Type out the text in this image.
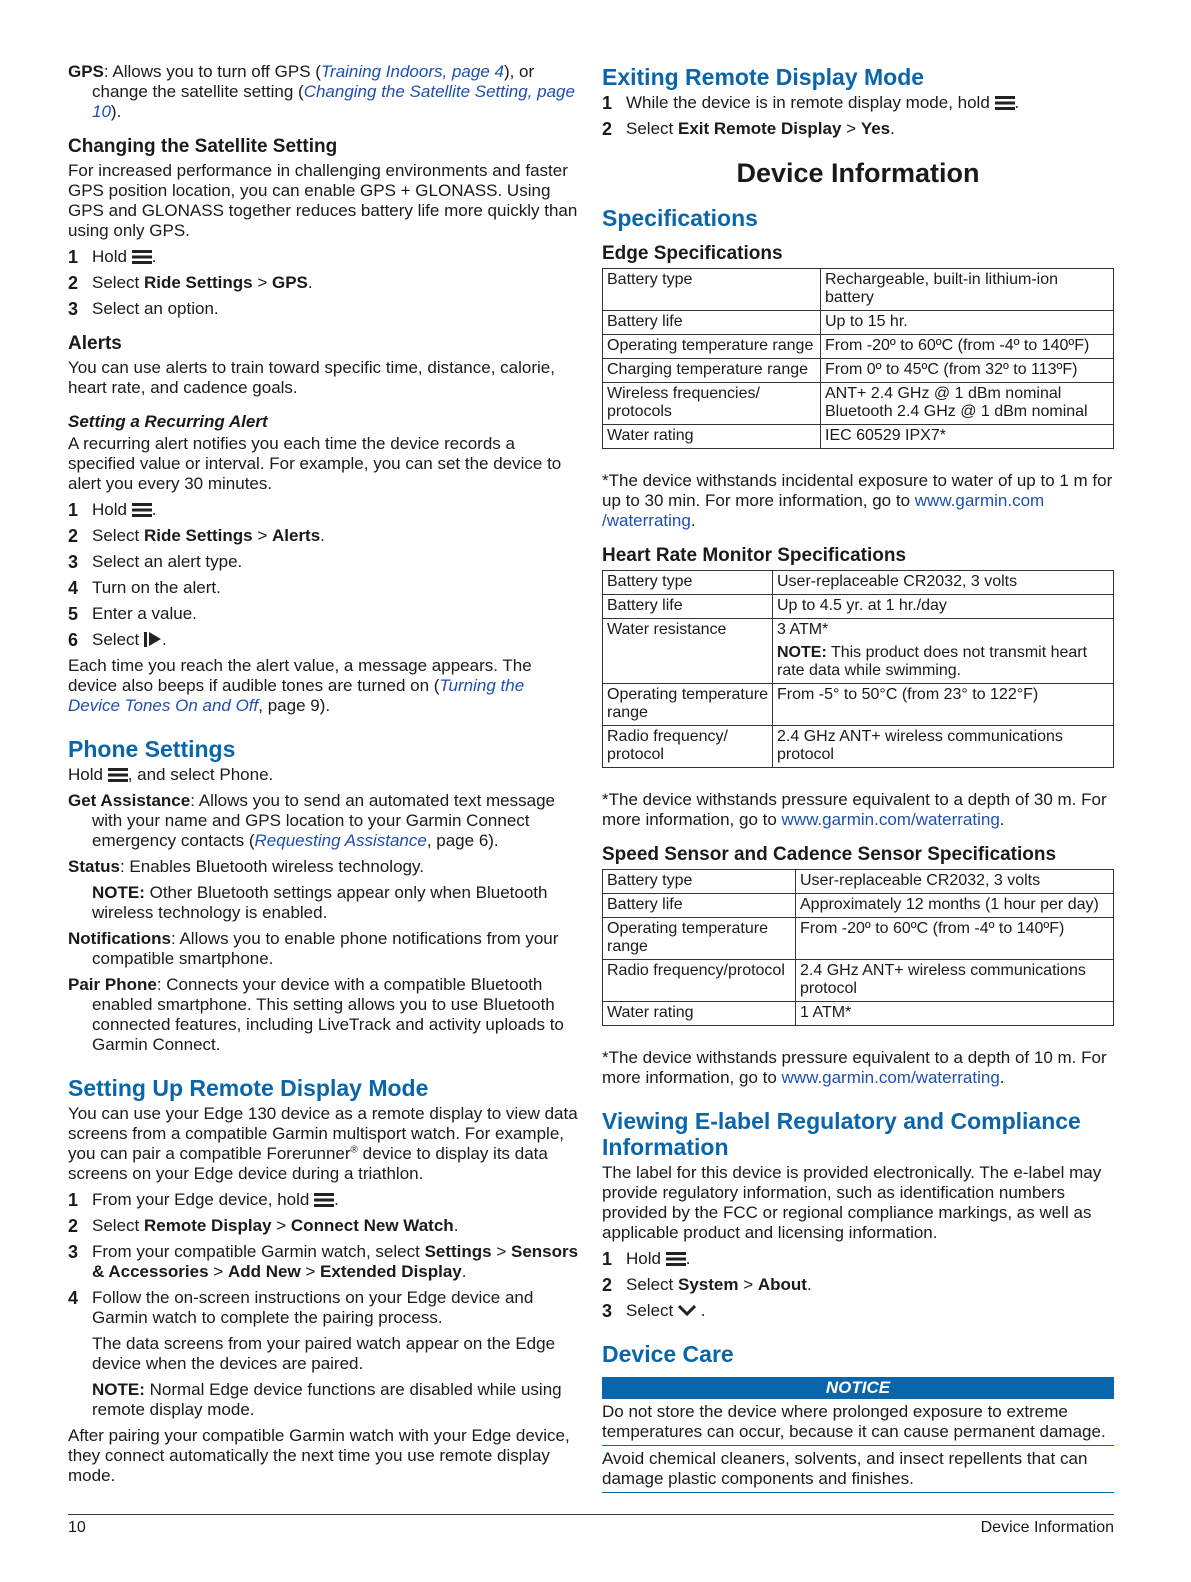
GPS: Allows you to turn off GPS (Training Indoors, page 4), or change the satellite setting (Changing the Satellite Setting, page 10).

Changing the Satellite Setting

For increased performance in challenging environments and faster GPS position location, you can enable GPS + GLONASS. Using GPS and GLONASS together reduces battery life more quickly than using only GPS.

1 Hold .
2 Select Ride Settings > GPS.
3 Select an option.
Alerts

You can use alerts to train toward specific time, distance, calorie, heart rate, and cadence goals.

Setting a Recurring Alert

A recurring alert notifies you each time the device records a specified value or interval. For example, you can set the device to alert you every 30 minutes.

1 Hold .
2 Select Ride Settings > Alerts.
3 Select an alert type.
4 Turn on the alert.
5 Enter a value.
6 Select .

Each time you reach the alert value, a message appears. The device also beeps if audible tones are turned on (Turning the Device Tones On and Off, page 9).

Phone Settings

Hold , and select Phone.

Get Assistance: Allows you to send an automated text message with your name and GPS location to your Garmin Connect emergency contacts (Requesting Assistance, page 6).

Status: Enables Bluetooth wireless technology.

NOTE: Other Bluetooth settings appear only when Bluetooth wireless technology is enabled.

Notifications: Allows you to enable phone notifications from your compatible smartphone.

Pair Phone: Connects your device with a compatible Bluetooth enabled smartphone. This setting allows you to use Bluetooth connected features, including LiveTrack and activity uploads to Garmin Connect.

Setting Up Remote Display Mode

You can use your Edge 130 device as a remote display to view data screens from a compatible Garmin multisport watch. For example, you can pair a compatible Forerunner® device to display its data screens on your Edge device during a triathlon.

1 From your Edge device, hold .
2 Select Remote Display > Connect New Watch.
3 From your compatible Garmin watch, select Settings > Sensors & Accessories > Add New > Extended Display.
4 Follow the on-screen instructions on your Edge device and Garmin watch to complete the pairing process.

The data screens from your paired watch appear on the Edge device when the devices are paired.

NOTE: Normal Edge device functions are disabled while using remote display mode.

After pairing your compatible Garmin watch with your Edge device, they connect automatically the next time you use remote display mode.

Exiting Remote Display Mode
1 While the device is in remote display mode, hold .
2 Select Exit Remote Display > Yes.
Device Information
Specifications
Edge Specifications
Battery type	Rechargeable, built-in lithium-ion battery
Battery life	Up to 15 hr.
Operating temperature range	From -20º to 60ºC (from -4º to 140ºF)
Charging temperature range	From 0º to 45ºC (from 32º to 113ºF)
Wireless frequencies/ protocols	ANT+ 2.4 GHz @ 1 dBm nominal
Bluetooth 2.4 GHz @ 1 dBm nominal
Water rating	IEC 60529 IPX7*

*The device withstands incidental exposure to water of up to 1 m for up to 30 min. For more information, go to www.garmin.com /waterrating.

Heart Rate Monitor Specifications
Battery type	User-replaceable CR2032, 3 volts
Battery life	Up to 4.5 yr. at 1 hr./day
Water resistance	3 ATM*
NOTE: This product does not transmit heart rate data while swimming.

Operating temperature range	From -5° to 50°C (from 23° to 122°F)
Radio frequency/ protocol	2.4 GHz ANT+ wireless communications protocol

*The device withstands pressure equivalent to a depth of 30 m. For more information, go to www.garmin.com/waterrating.

Speed Sensor and Cadence Sensor Specifications
Battery type	User-replaceable CR2032, 3 volts
Battery life	Approximately 12 months (1 hour per day)
Operating temperature range	From -20º to 60ºC (from -4º to 140ºF)
Radio frequency/protocol	2.4 GHz ANT+ wireless communications protocol
Water rating	1 ATM*

*The device withstands pressure equivalent to a depth of 10 m. For more information, go to www.garmin.com/waterrating.

Viewing E-label Regulatory and Compliance Information

The label for this device is provided electronically. The e-label may provide regulatory information, such as identification numbers provided by the FCC or regional compliance markings, as well as applicable product and licensing information.

1 Hold .
2 Select System > About.
3 Select  .
Device Care
NOTICE

Do not store the device where prolonged exposure to extreme temperatures can occur, because it can cause permanent damage.

Avoid chemical cleaners, solvents, and insect repellents that can damage plastic components and finishes.

10	Device Information
